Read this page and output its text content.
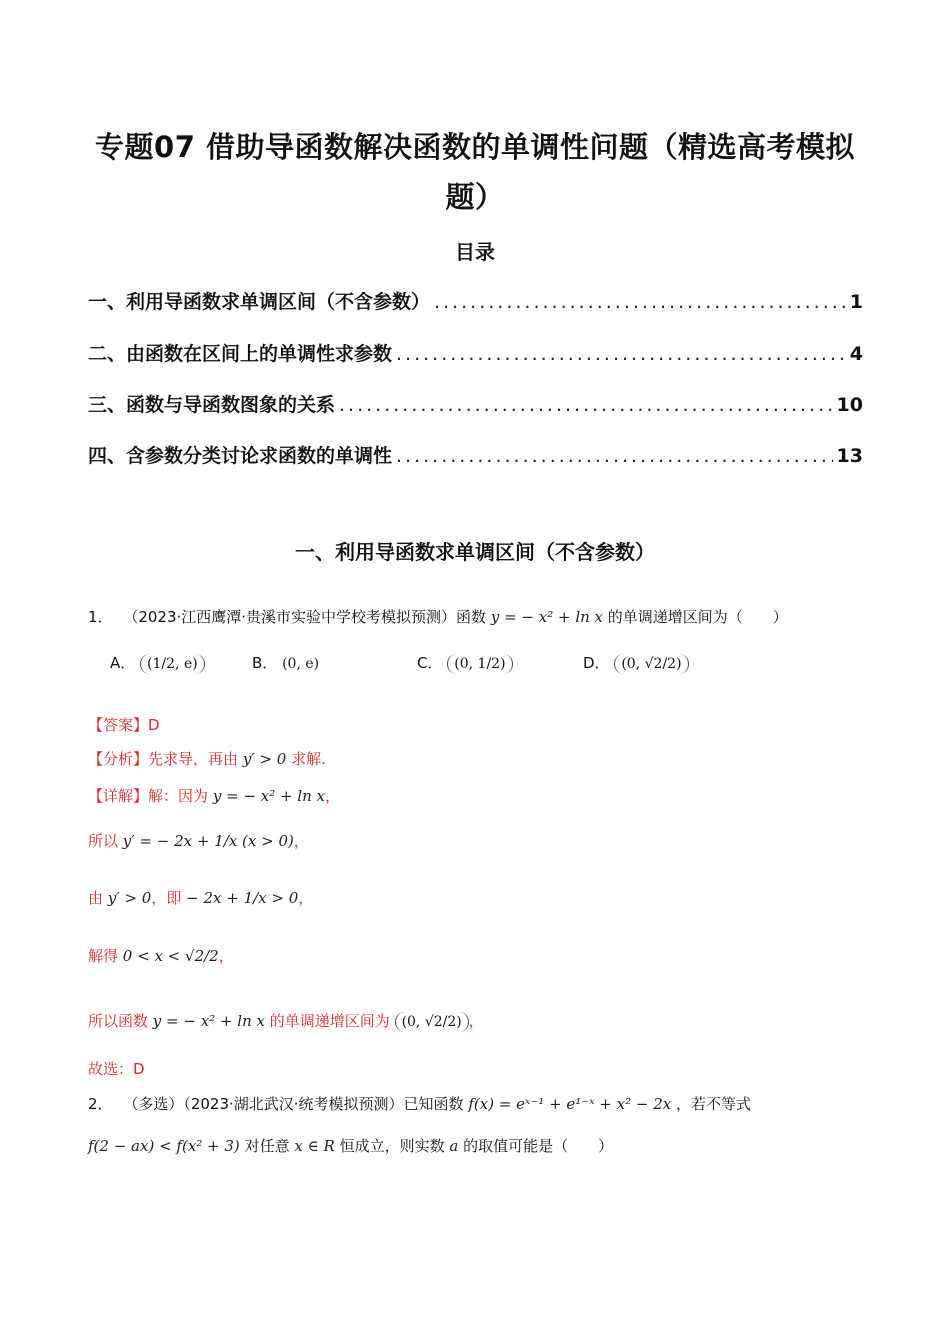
专题07 借助导函数解决函数的单调性问题（精选高考模拟
题）
目录
一、利用导函数求单调区间（不含参数） .....	1
二、由函数在区间上的单调性求参数 .....	4
三、函数与导函数图象的关系 .....	10
四、含参数分类讨论求函数的单调性 .....	13
一、利用导函数求单调区间（不含参数）
1． （2023·江西鹰潭·贵溪市实验中学校考模拟预测）函数 y = − x² + ln x 的单调递增区间为（　　）
A． (1/2, e)	B． (0, e)	C． (0, 1/2)	D． (0, √2/2)
【答案】D
【分析】先求导，再由 y′ > 0 求解.
【详解】解：因为 y = − x² + ln x，
所以 y′ = − 2x + 1/x (x > 0)，
由 y′ > 0，即 − 2x + 1/x > 0，
解得 0 < x < √2/2，
所以函数 y = − x² + ln x 的单调递增区间为 (0, √2/2) ，
故选：D
2． （多选）（2023·湖北武汉·统考模拟预测）已知函数 f(x) = eˣ⁻¹ + e¹⁻ˣ + x² − 2x ，若不等式
f(2 − ax) < f(x² + 3) 对任意 x ∈ R 恒成立，则实数 a 的取值可能是（　　）
